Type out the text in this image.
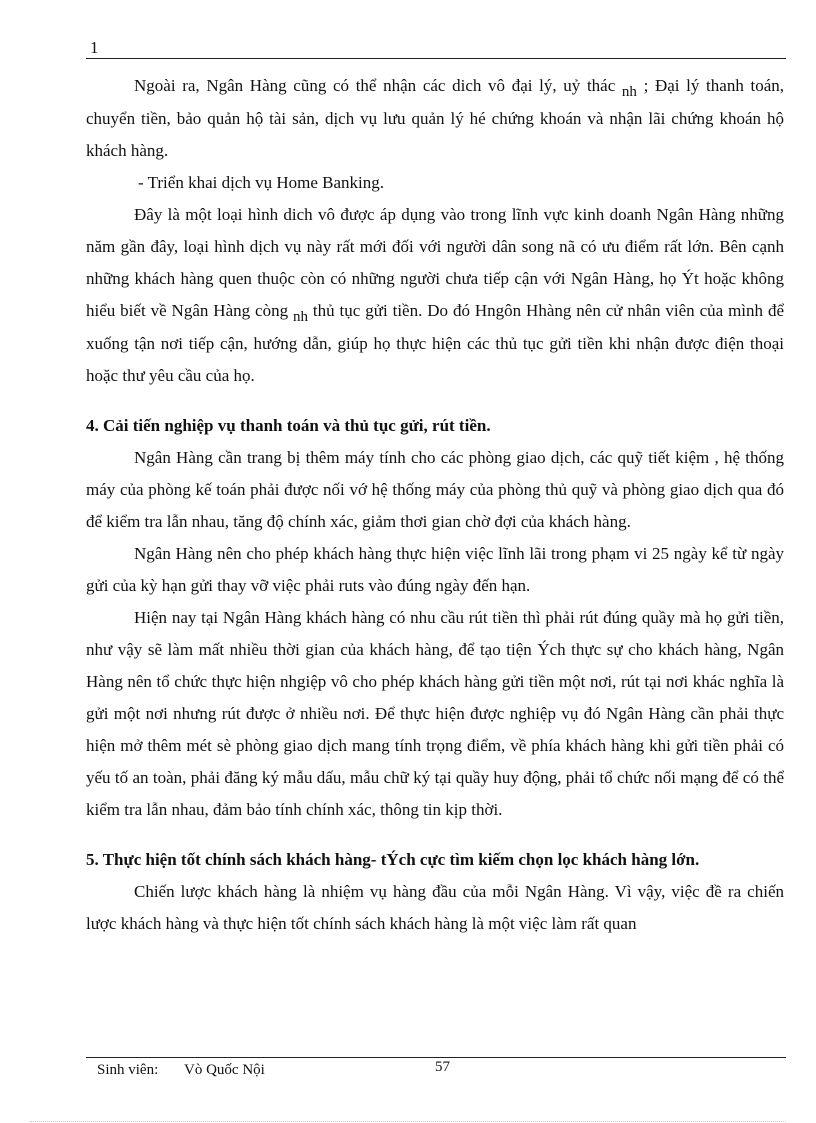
1

Ngoài ra, Ngân Hàng cũng có thể nhận các dich vô đại lý, uỷ thác nh ; Đại lý thanh toán, chuyển tiền, bảo quản hộ tài sản, dịch vụ lưu quản lý hé chứng khoán và nhận lãi chứng khoán hộ khách hàng.

- Triển khai dịch vụ Home Banking.

Đây là một loại hình dich vô được áp dụng vào trong lĩnh vực kinh doanh Ngân Hàng những năm gần đây, loại hình dịch vụ này rất mới đối với người dân song nã có ưu điểm rất lớn. Bên cạnh những khách hàng quen thuộc còn có những người chưa tiếp cận với Ngân Hàng, họ Ýt hoặc không hiểu biết về Ngân Hàng còng nh thủ tục gửi tiền. Do đó Hngôn Hhàng nên cử nhân viên của mình để xuống tận nơi tiếp cận, hướng dẫn, giúp họ thực hiện các thủ tục gửi tiền khi nhận được điện thoại hoặc thư yêu cầu của họ.

4. Cải tiến nghiệp vụ thanh toán và thủ tục gửi, rút tiền.

Ngân Hàng cần trang bị thêm máy tính cho các phòng giao dịch, các quỹ tiết kiệm , hệ thống máy của phòng kế toán phải được nối vớ hệ thống máy của phòng thủ quỹ và phòng giao dịch qua đó để kiểm tra lẫn nhau, tăng độ chính xác, giảm thơi gian chờ đợi của khách hàng.

Ngân Hàng nên cho phép khách hàng thực hiện việc lĩnh lãi trong phạm vi 25 ngày kể từ ngày gửi của kỳ hạn gửi thay vỡ việc phải ruts vào đúng ngày đến hạn.

Hiện nay tại Ngân Hàng khách hàng có nhu cầu rút tiền thì phải rút đúng quầy mà họ gửi tiền, như vậy sẽ làm mất nhiều thời gian của khách hàng, để tạo tiện Ých thực sự cho khách hàng, Ngân Hàng nên tổ chức thực hiện nhgiệp vô cho phép khách hàng gửi tiền một nơi, rút tại nơi khác nghĩa là gửi một nơi nhưng rút được ở nhiều nơi. Để thực hiện được nghiệp vụ đó Ngân Hàng cần phải thực hiện mở thêm mét sè phòng giao dịch mang tính trọng điểm, về phía khách hàng khi gửi tiền phải có yếu tố an toàn, phải đăng ký mẫu dấu, mẫu chữ ký tại quầy huy động, phải tổ chức nối mạng để có thể kiểm tra lẫn nhau, đảm bảo tính chính xác, thông tin kịp thời.

5. Thực hiện tốt chính sách khách hàng- tÝch cực tìm kiếm chọn lọc khách hàng lớn.

Chiến lược khách hàng là nhiệm vụ hàng đầu của mỗi Ngân Hàng. Vì vậy, việc đề ra chiến lược khách hàng và thực hiện tốt chính sách khách hàng là một việc làm rất quan

Sinh viên: Vò Quốc Nội	57
